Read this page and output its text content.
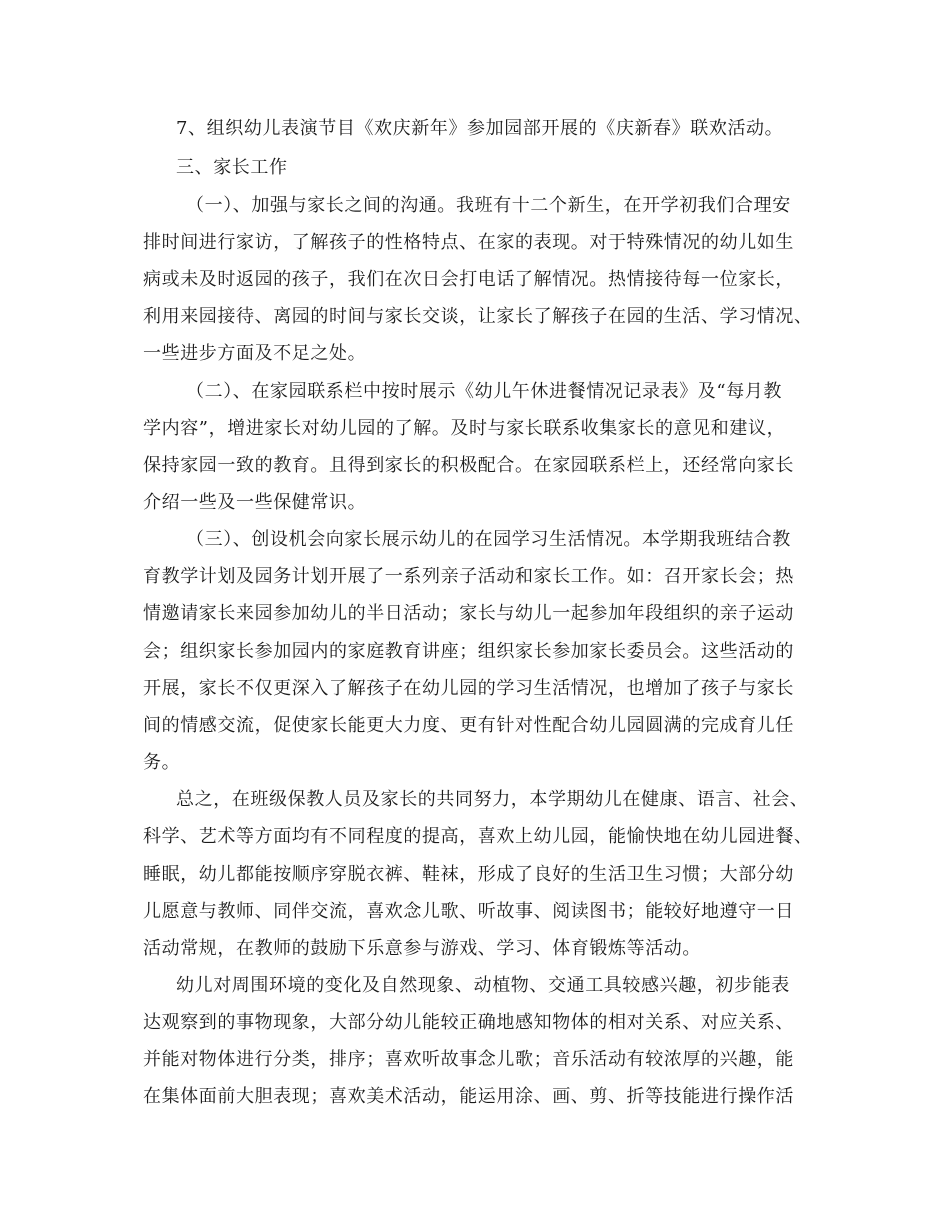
7、组织幼儿表演节目《欢庆新年》参加园部开展的《庆新春》联欢活动。
三、家长工作
（一）、加强与家长之间的沟通。我班有十二个新生，在开学初我们合理安
排时间进行家访，了解孩子的性格特点、在家的表现。对于特殊情况的幼儿如生
病或未及时返园的孩子，我们在次日会打电话了解情况。热情接待每一位家长，
利用来园接待、离园的时间与家长交谈，让家长了解孩子在园的生活、学习情况、
一些进步方面及不足之处。
（二）、在家园联系栏中按时展示《幼儿午休进餐情况记录表》及“每月教
学内容”，增进家长对幼儿园的了解。及时与家长联系收集家长的意见和建议，
保持家园一致的教育。且得到家长的积极配合。在家园联系栏上，还经常向家长
介绍一些及一些保健常识。
（三）、创设机会向家长展示幼儿的在园学习生活情况。本学期我班结合教
育教学计划及园务计划开展了一系列亲子活动和家长工作。如：召开家长会；热
情邀请家长来园参加幼儿的半日活动；家长与幼儿一起参加年段组织的亲子运动
会；组织家长参加园内的家庭教育讲座；组织家长参加家长委员会。这些活动的
开展，家长不仅更深入了解孩子在幼儿园的学习生活情况，也增加了孩子与家长
间的情感交流，促使家长能更大力度、更有针对性配合幼儿园圆满的完成育儿任
务。
总之，在班级保教人员及家长的共同努力，本学期幼儿在健康、语言、社会、
科学、艺术等方面均有不同程度的提高，喜欢上幼儿园，能愉快地在幼儿园进餐、
睡眠，幼儿都能按顺序穿脱衣裤、鞋袜，形成了良好的生活卫生习惯；大部分幼
儿愿意与教师、同伴交流，喜欢念儿歌、听故事、阅读图书；能较好地遵守一日
活动常规，在教师的鼓励下乐意参与游戏、学习、体育锻炼等活动。
幼儿对周围环境的变化及自然现象、动植物、交通工具较感兴趣，初步能表
达观察到的事物现象，大部分幼儿能较正确地感知物体的相对关系、对应关系、
并能对物体进行分类，排序；喜欢听故事念儿歌；音乐活动有较浓厚的兴趣，能
在集体面前大胆表现；喜欢美术活动，能运用涂、画、剪、折等技能进行操作活
